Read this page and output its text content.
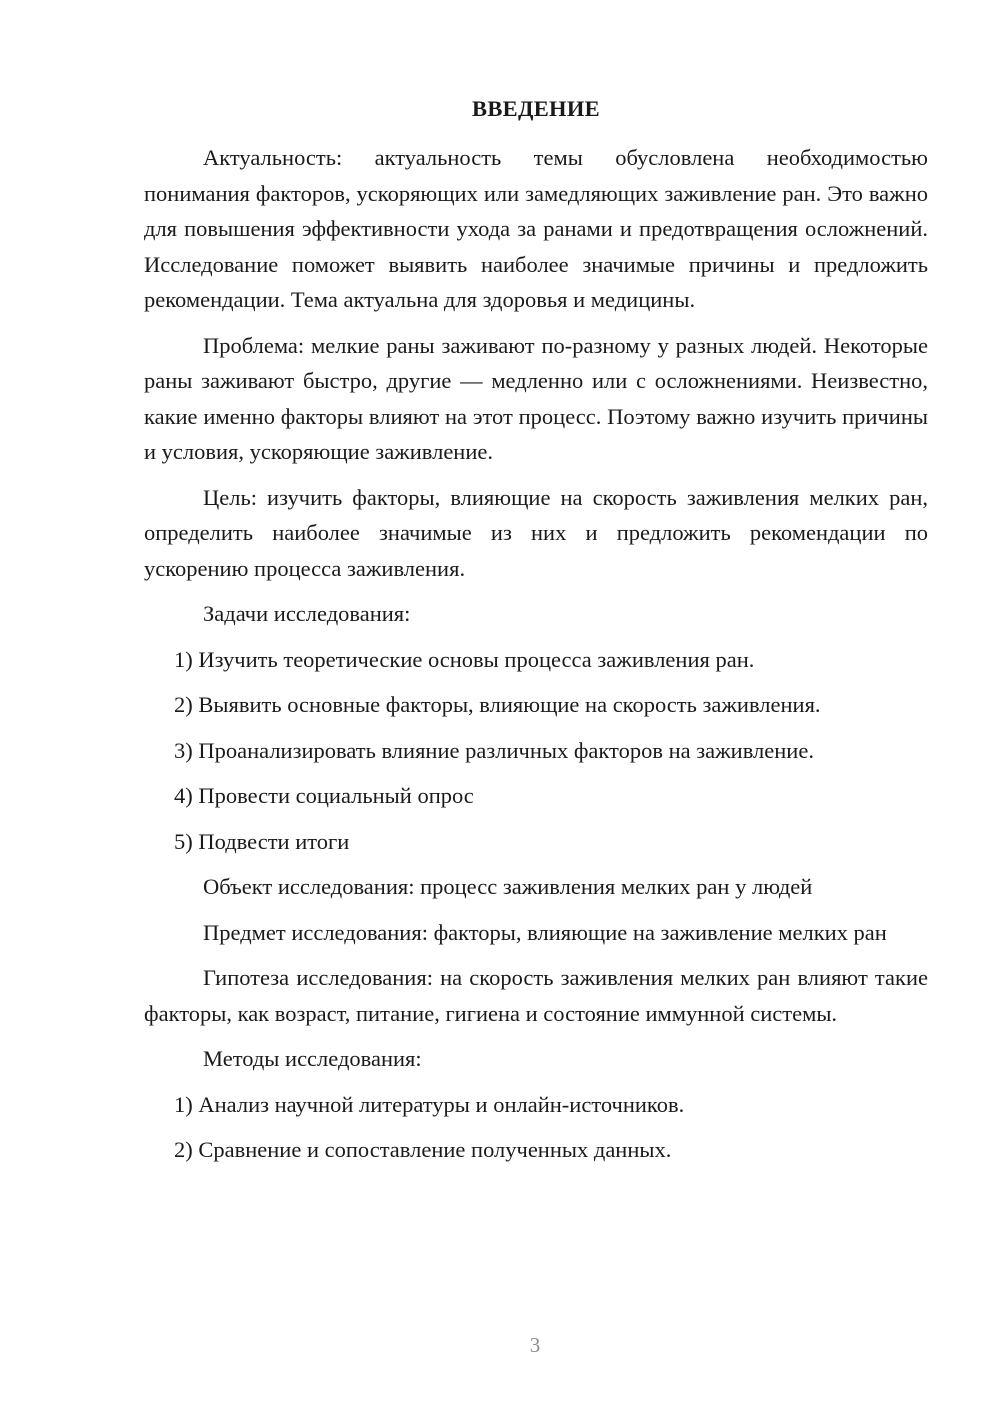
ВВЕДЕНИЕ

Актуальность: актуальность темы обусловлена необходимостью понимания факторов, ускоряющих или замедляющих заживление ран. Это важно для повышения эффективности ухода за ранами и предотвращения осложнений. Исследование поможет выявить наиболее значимые причины и предложить рекомендации. Тема актуальна для здоровья и медицины.

Проблема: мелкие раны заживают по-разному у разных людей. Некоторые раны заживают быстро, другие — медленно или с осложнениями. Неизвестно, какие именно факторы влияют на этот процесс. Поэтому важно изучить причины и условия, ускоряющие заживление.

Цель: изучить факторы, влияющие на скорость заживления мелких ран, определить наиболее значимые из них и предложить рекомендации по ускорению процесса заживления.

Задачи исследования:

1) Изучить теоретические основы процесса заживления ран.

2) Выявить основные факторы, влияющие на скорость заживления.

3) Проанализировать влияние различных факторов на заживление.

4) Провести социальный опрос

5) Подвести итоги

Объект исследования: процесс заживления мелких ран у людей

Предмет исследования: факторы, влияющие на заживление мелких ран

Гипотеза исследования: на скорость заживления мелких ран влияют такие факторы, как возраст, питание, гигиена и состояние иммунной системы.

Методы исследования:

1) Анализ научной литературы и онлайн-источников.

2) Сравнение и сопоставление полученных данных.

3
